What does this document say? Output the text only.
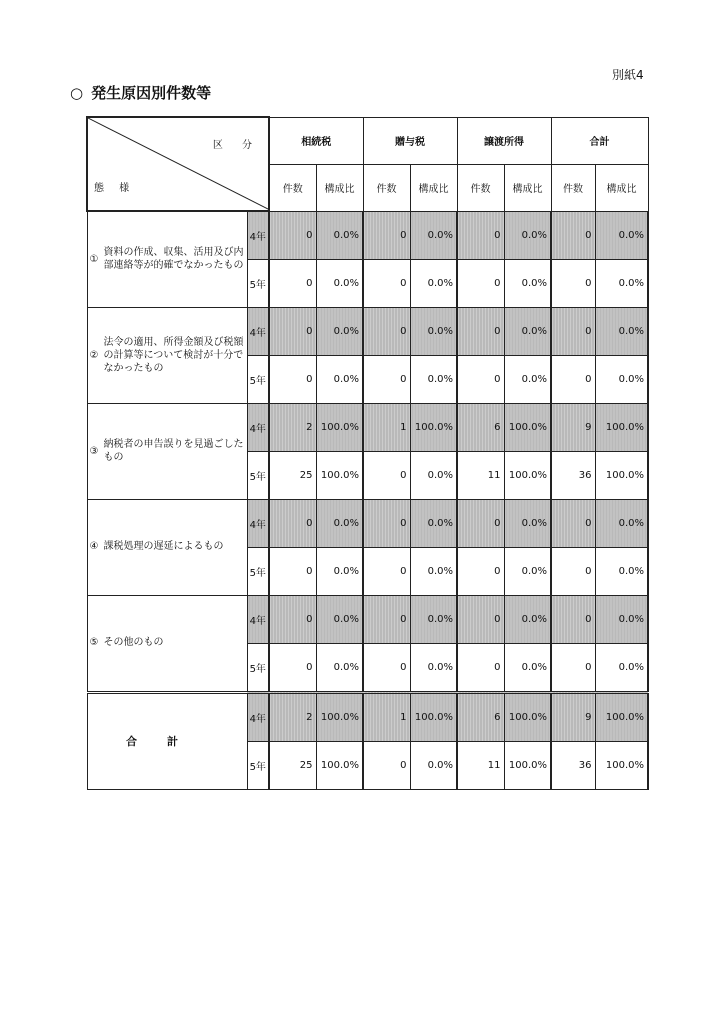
別紙4
○ 発生原因別件数等
区 分
態 様		相続税		贈与税		譲渡所得		合計	
		件数	構成比	件数	構成比	件数	構成比	件数	構成比
①資料の作成、収集、活用及び内部連絡等が的確でなかったもの	4年	0	0.0%	0	0.0%	0	0.0%	0	0.0%
	5年	0	0.0%	0	0.0%	0	0.0%	0	0.0%
②法令の適用、所得金額及び税額の計算等について検討が十分でなかったもの	4年	0	0.0%	0	0.0%	0	0.0%	0	0.0%
	5年	0	0.0%	0	0.0%	0	0.0%	0	0.0%
③納税者の申告誤りを見過ごしたもの	4年	2	100.0%	1	100.0%	6	100.0%	9	100.0%
	5年	25	100.0%	0	0.0%	11	100.0%	36	100.0%
④ 課税処理の遅延によるもの	4年	0	0.0%	0	0.0%	0	0.0%	0	0.0%
	5年	0	0.0%	0	0.0%	0	0.0%	0	0.0%
⑤ その他のもの	4年	0	0.0%	0	0.0%	0	0.0%	0	0.0%
	5年	0	0.0%	0	0.0%	0	0.0%	0	0.0%
合計	4年	2	100.0%	1	100.0%	6	100.0%	9	100.0%
	5年	25	100.0%	0	0.0%	11	100.0%	36	100.0%
